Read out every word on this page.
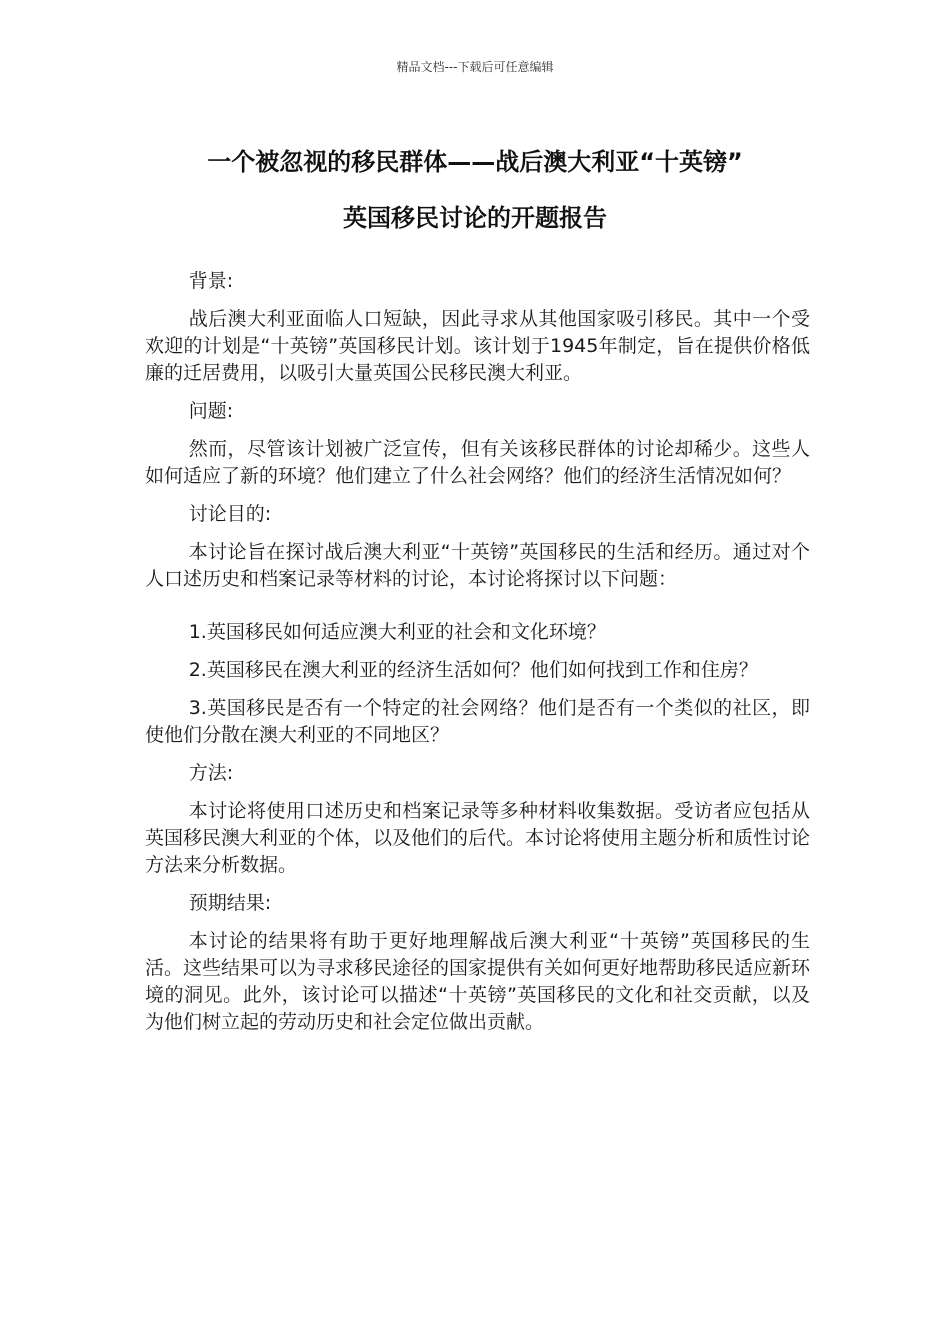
精品文档---下载后可任意编辑
一个被忽视的移民群体——战后澳大利亚“十英镑”
英国移民讨论的开题报告

背景:

战后澳大利亚面临人口短缺，因此寻求从其他国家吸引移民。其中一个受欢迎的计划是“十英镑”英国移民计划。该计划于1945年制定，旨在提供价格低廉的迁居费用，以吸引大量英国公民移民澳大利亚。

问题:

然而，尽管该计划被广泛宣传，但有关该移民群体的讨论却稀少。这些人如何适应了新的环境？他们建立了什么社会网络？他们的经济生活情况如何？

讨论目的:

本讨论旨在探讨战后澳大利亚“十英镑”英国移民的生活和经历。通过对个人口述历史和档案记录等材料的讨论，本讨论将探讨以下问题：

1.英国移民如何适应澳大利亚的社会和文化环境？

2.英国移民在澳大利亚的经济生活如何？他们如何找到工作和住房？

3.英国移民是否有一个特定的社会网络？他们是否有一个类似的社区，即使他们分散在澳大利亚的不同地区？

方法:

本讨论将使用口述历史和档案记录等多种材料收集数据。受访者应包括从英国移民澳大利亚的个体，以及他们的后代。本讨论将使用主题分析和质性讨论方法来分析数据。

预期结果:

本讨论的结果将有助于更好地理解战后澳大利亚“十英镑”英国移民的生活。这些结果可以为寻求移民途径的国家提供有关如何更好地帮助移民适应新环境的洞见。此外，该讨论可以描述“十英镑”英国移民的文化和社交贡献，以及为他们树立起的劳动历史和社会定位做出贡献。
